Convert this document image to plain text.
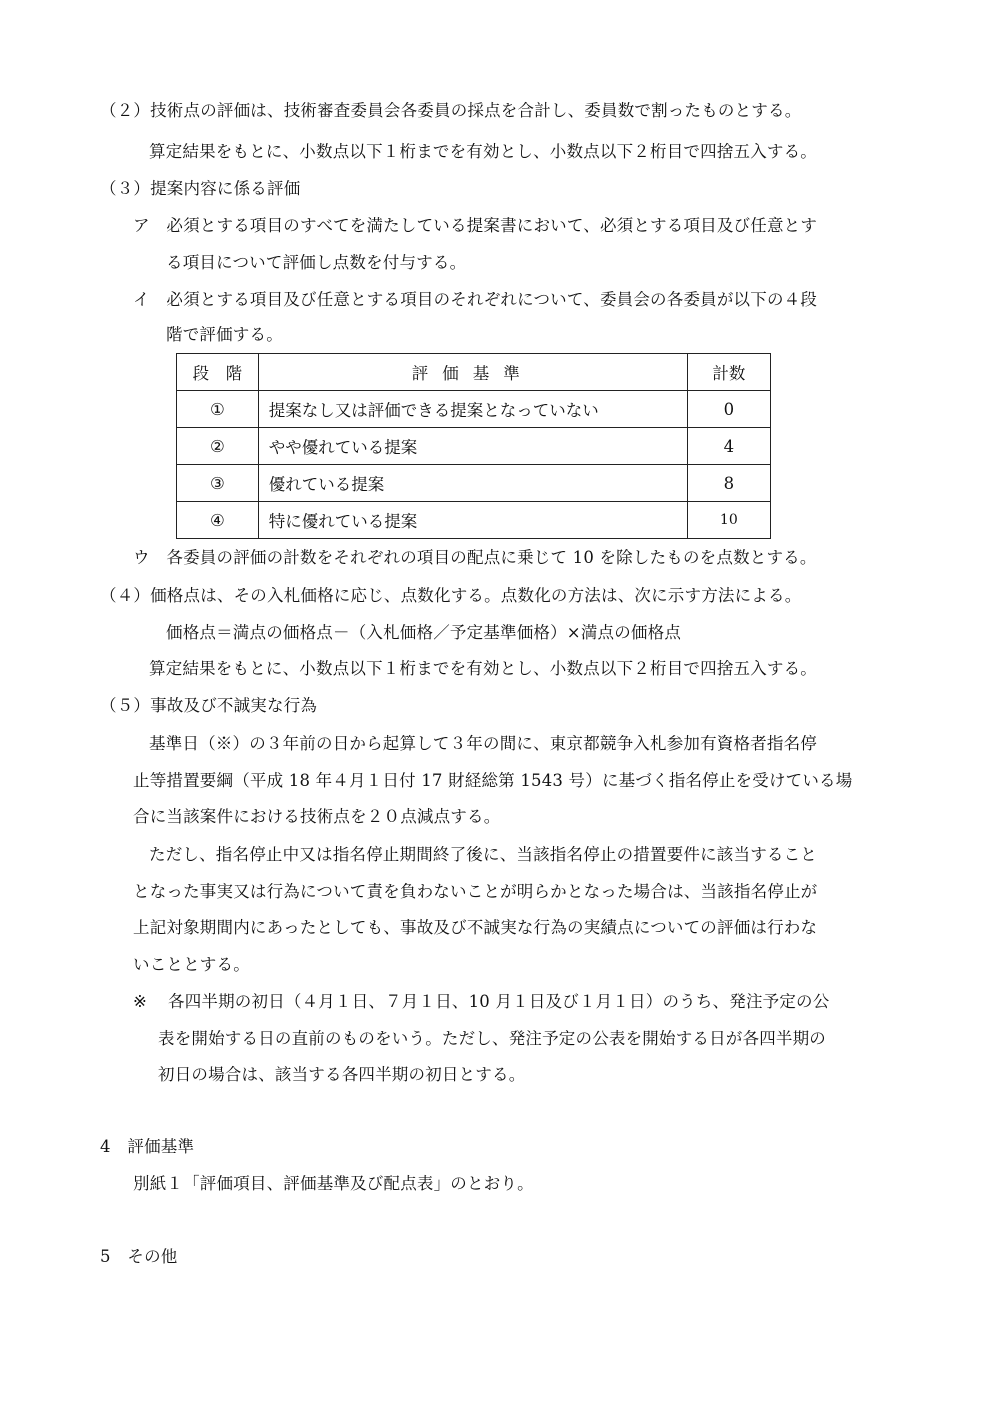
（２）技術点の評価は、技術審査委員会各委員の採点を合計し、委員数で割ったものとする。
算定結果をもとに、小数点以下１桁までを有効とし、小数点以下２桁目で四捨五入する。
（３）提案内容に係る評価
ア　必須とする項目のすべてを満たしている提案書において、必須とする項目及び任意とす
る項目について評価し点数を付与する。
イ　必須とする項目及び任意とする項目のそれぞれについて、委員会の各委員が以下の４段
階で評価する。
段　階	評価基準	計数
①	提案なし又は評価できる提案となっていない	0
②	やや優れている提案	4
③	優れている提案	8
④	特に優れている提案	10
ウ　各委員の評価の計数をそれぞれの項目の配点に乗じて 10 を除したものを点数とする。
（４）価格点は、その入札価格に応じ、点数化する。点数化の方法は、次に示す方法による。
価格点＝満点の価格点－（入札価格／予定基準価格）×満点の価格点
算定結果をもとに、小数点以下１桁までを有効とし、小数点以下２桁目で四捨五入する。
（５）事故及び不誠実な行為
基準日（※）の３年前の日から起算して３年の間に、東京都競争入札参加有資格者指名停
止等措置要綱（平成 18 年４月１日付 17 財経総第 1543 号）に基づく指名停止を受けている場
合に当該案件における技術点を２０点減点する。
ただし、指名停止中又は指名停止期間終了後に、当該指名停止の措置要件に該当すること
となった事実又は行為について責を負わないことが明らかとなった場合は、当該指名停止が
上記対象期間内にあったとしても、事故及び不誠実な行為の実績点についての評価は行わな
いこととする。
※ 各四半期の初日（４月１日、７月１日、10 月１日及び１月１日）のうち、発注予定の公
表を開始する日の直前のものをいう。ただし、発注予定の公表を開始する日が各四半期の
初日の場合は、該当する各四半期の初日とする。
4　評価基準
別紙１「評価項目、評価基準及び配点表」のとおり。
5　その他
